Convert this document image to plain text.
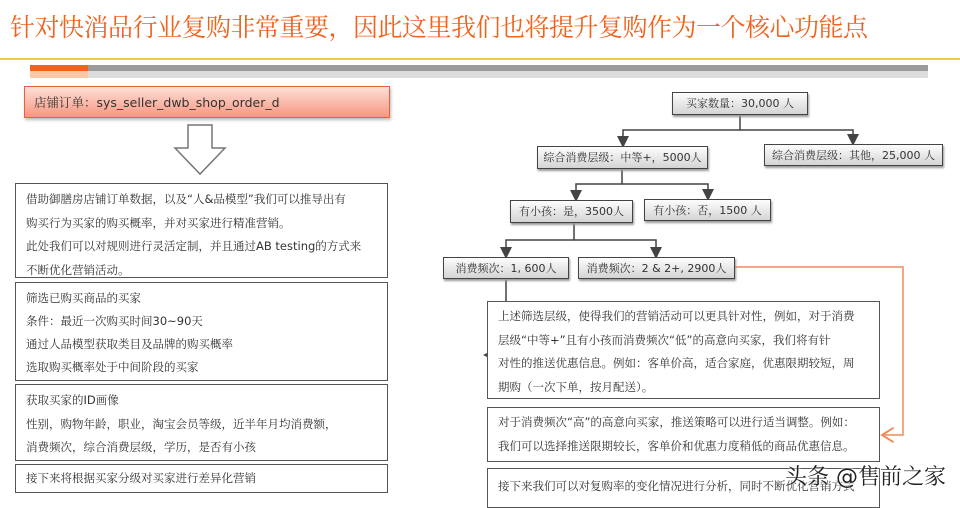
针对快消品行业复购非常重要，因此这里我们也将提升复购作为一个核心功能点
店铺订单：sys_seller_dwb_shop_order_d
借助御膳房店铺订单数据，以及“人&品模型”我们可以推导出有
购买行为买家的购买概率，并对买家进行精准营销。
此处我们可以对规则进行灵活定制，并且通过AB testing的方式来
不断优化营销活动。
筛选已购买商品的买家
条件：最近一次购买时间30~90天
通过人品模型获取类目及品牌的购买概率
选取购买概率处于中间阶段的买家
获取买家的ID画像
性别，购物年龄，职业，淘宝会员等级，近半年月均消费额，
消费频次，综合消费层级，学历，是否有小孩
接下来将根据买家分级对买家进行差异化营销
买家数量：30,000 人
综合消费层级：中等+，5000人	综合消费层级：其他，25,000 人
有小孩：是，3500人	有小孩：否，1500 人
消费频次：1, 600人	消费频次：2 & 2+, 2900人
上述筛选层级，使得我们的营销活动可以更具针对性，例如，对于消费
层级“中等+”且有小孩而消费频次“低”的高意向买家，我们将有针
对性的推送优惠信息。例如：客单价高，适合家庭，优惠限期较短，周
期购（一次下单，按月配送）。
对于消费频次“高”的高意向买家，推送策略可以进行适当调整。例如：
我们可以选择推送限期较长，客单价和优惠力度稍低的商品优惠信息。
接下来我们可以对复购率的变化情况进行分析，同时不断优化营销方式
头条 @售前之家
